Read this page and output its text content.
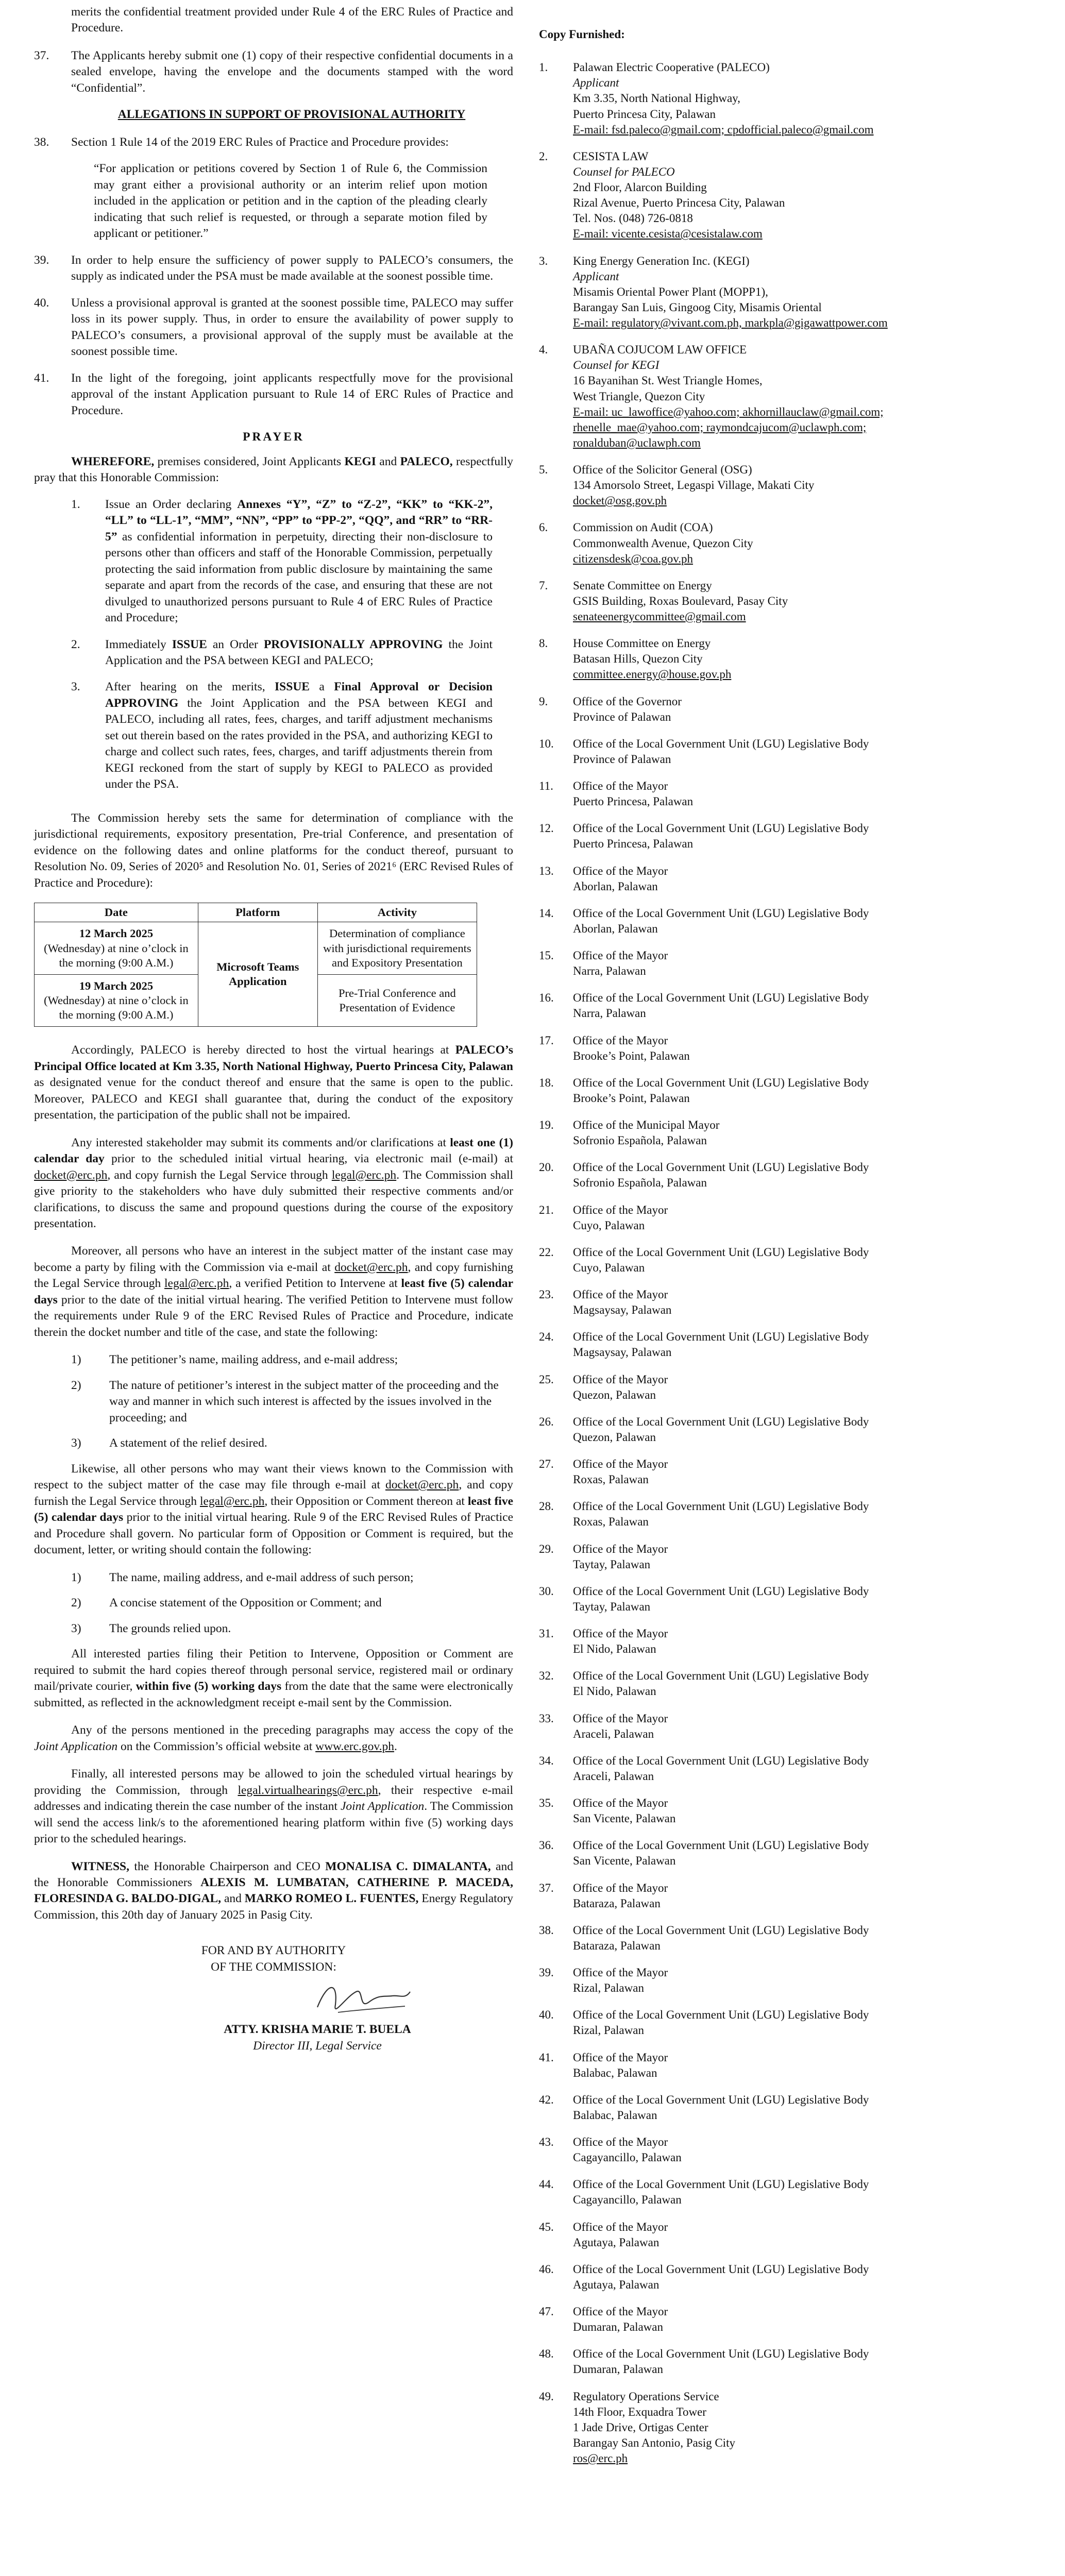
merits the confidential treatment provided under Rule 4 of the ERC Rules of Practice and Procedure.
37.	The Applicants hereby submit one (1) copy of their respective confidential documents in a sealed envelope, having the envelope and the documents stamped with the word “Confidential”.
ALLEGATIONS IN SUPPORT OF PROVISIONAL AUTHORITY
38.	Section 1 Rule 14 of the 2019 ERC Rules of Practice and Procedure provides:
“For application or petitions covered by Section 1 of Rule 6, the Commission may grant either a provisional authority or an interim relief upon motion included in the application or petition and in the caption of the pleading clearly indicating that such relief is requested, or through a separate motion filed by applicant or petitioner.”
39.	In order to help ensure the sufficiency of power supply to PALECO’s consumers, the supply as indicated under the PSA must be made available at the soonest possible time.
40.	Unless a provisional approval is granted at the soonest possible time, PALECO may suffer loss in its power supply. Thus, in order to ensure the availability of power supply to PALECO’s consumers, a provisional approval of the supply must be available at the soonest possible time.
41.	In the light of the foregoing, joint applicants respectfully move for the provisional approval of the instant Application pursuant to Rule 14 of ERC Rules of Practice and Procedure.
PRAYER
WHEREFORE, premises considered, Joint Applicants KEGI and PALECO, respectfully pray that this Honorable Commission:
1.	Issue an Order declaring Annexes “Y”, “Z” to “Z-2”, “KK” to “KK-2”, “LL” to “LL-1”, “MM”, “NN”, “PP” to “PP-2”, “QQ”, and “RR” to “RR-5” as confidential information in perpetuity, directing their non-disclosure to persons other than officers and staff of the Honorable Commission, perpetually protecting the said information from public disclosure by maintaining the same separate and apart from the records of the case, and ensuring that these are not divulged to unauthorized persons pursuant to Rule 4 of ERC Rules of Practice and Procedure;
2.	Immediately ISSUE an Order PROVISIONALLY APPROVING the Joint Application and the PSA between KEGI and PALECO;
3.	After hearing on the merits, ISSUE a Final Approval or Decision APPROVING the Joint Application and the PSA between KEGI and PALECO, including all rates, fees, charges, and tariff adjustment mechanisms set out therein based on the rates provided in the PSA, and authorizing KEGI to charge and collect such rates, fees, charges, and tariff adjustments therein from KEGI reckoned from the start of supply by KEGI to PALECO as provided under the PSA.
The Commission hereby sets the same for determination of compliance with the jurisdictional requirements, expository presentation, Pre-trial Conference, and presentation of evidence on the following dates and online platforms for the conduct thereof, pursuant to Resolution No. 09, Series of 2020⁵ and Resolution No. 01, Series of 2021⁶ (ERC Revised Rules of Practice and Procedure):
Date	Platform	Activity
12 March 2025
(Wednesday) at nine o’clock in the morning (9:00 A.M.)	Microsoft Teams Application	Determination of compliance with jurisdictional requirements and Expository Presentation
19 March 2025
(Wednesday) at nine o’clock in the morning (9:00 A.M.)		Pre-Trial Conference and Presentation of Evidence
Accordingly, PALECO is hereby directed to host the virtual hearings at PALECO’s Principal Office located at Km 3.35, North National Highway, Puerto Princesa City, Palawan as designated venue for the conduct thereof and ensure that the same is open to the public. Moreover, PALECO and KEGI shall guarantee that, during the conduct of the expository presentation, the participation of the public shall not be impaired.
Any interested stakeholder may submit its comments and/or clarifications at least one (1) calendar day prior to the scheduled initial virtual hearing, via electronic mail (e-mail) at docket@erc.ph, and copy furnish the Legal Service through legal@erc.ph. The Commission shall give priority to the stakeholders who have duly submitted their respective comments and/or clarifications, to discuss the same and propound questions during the course of the expository presentation.
Moreover, all persons who have an interest in the subject matter of the instant case may become a party by filing with the Commission via e-mail at docket@erc.ph, and copy furnishing the Legal Service through legal@erc.ph, a verified Petition to Intervene at least five (5) calendar days prior to the date of the initial virtual hearing. The verified Petition to Intervene must follow the requirements under Rule 9 of the ERC Revised Rules of Practice and Procedure, indicate therein the docket number and title of the case, and state the following:
1)	The petitioner’s name, mailing address, and e-mail address;
2)	The nature of petitioner’s interest in the subject matter of the proceeding and the way and manner in which such interest is affected by the issues involved in the proceeding; and
3)	A statement of the relief desired.
Likewise, all other persons who may want their views known to the Commission with respect to the subject matter of the case may file through e-mail at docket@erc.ph, and copy furnish the Legal Service through legal@erc.ph, their Opposition or Comment thereon at least five (5) calendar days prior to the initial virtual hearing. Rule 9 of the ERC Revised Rules of Practice and Procedure shall govern. No particular form of Opposition or Comment is required, but the document, letter, or writing should contain the following:
1)	The name, mailing address, and e-mail address of such person;
2)	A concise statement of the Opposition or Comment; and
3)	The grounds relied upon.
All interested parties filing their Petition to Intervene, Opposition or Comment are required to submit the hard copies thereof through personal service, registered mail or ordinary mail/private courier, within five (5) working days from the date that the same were electronically submitted, as reflected in the acknowledgment receipt e-mail sent by the Commission.
Any of the persons mentioned in the preceding paragraphs may access the copy of the Joint Application on the Commission’s official website at www.erc.gov.ph.
Finally, all interested persons may be allowed to join the scheduled virtual hearings by providing the Commission, through legal.virtualhearings@erc.ph, their respective e-mail addresses and indicating therein the case number of the instant Joint Application. The Commission will send the access link/s to the aforementioned hearing platform within five (5) working days prior to the scheduled hearings.
WITNESS, the Honorable Chairperson and CEO MONALISA C. DIMALANTA, and the Honorable Commissioners ALEXIS M. LUMBATAN, CATHERINE P. MACEDA, FLORESINDA G. BALDO-DIGAL, and MARKO ROMEO L. FUENTES, Energy Regulatory Commission, this 20th day of January 2025 in Pasig City.
FOR AND BY AUTHORITY
OF THE COMMISSION:
ATTY. KRISHA MARIE T. BUELA
Director III, Legal Service
Copy Furnished:
1.	Palawan Electric Cooperative (PALECO)
Applicant
Km 3.35, North National Highway,
Puerto Princesa City, Palawan
E-mail: fsd.paleco@gmail.com; cpdofficial.paleco@gmail.com
2.	CESISTA LAW
Counsel for PALECO
2nd Floor, Alarcon Building
Rizal Avenue, Puerto Princesa City, Palawan
Tel. Nos. (048) 726-0818
E-mail: vicente.cesista@cesistalaw.com
3.	King Energy Generation Inc. (KEGI)
Applicant
Misamis Oriental Power Plant (MOPP1),
Barangay San Luis, Gingoog City, Misamis Oriental
E-mail: regulatory@vivant.com.ph, markpla@gigawattpower.com
4.	UBAÑA COJUCOM LAW OFFICE
Counsel for KEGI
16 Bayanihan St. West Triangle Homes,
West Triangle, Quezon City
E-mail: uc_lawoffice@yahoo.com; akhornillauclaw@gmail.com;
rhenelle_mae@yahoo.com; raymondcajucom@uclawph.com;
ronalduban@uclawph.com
5.	Office of the Solicitor General (OSG)
134 Amorsolo Street, Legaspi Village, Makati City
docket@osg.gov.ph
6.	Commission on Audit (COA)
Commonwealth Avenue, Quezon City
citizensdesk@coa.gov.ph
7.	Senate Committee on Energy
GSIS Building, Roxas Boulevard, Pasay City
senateenergycommittee@gmail.com
8.	House Committee on Energy
Batasan Hills, Quezon City
committee.energy@house.gov.ph
9.	Office of the Governor
Province of Palawan
10.	Office of the Local Government Unit (LGU) Legislative Body
Province of Palawan
11.	Office of the Mayor
Puerto Princesa, Palawan
12.	Office of the Local Government Unit (LGU) Legislative Body
Puerto Princesa, Palawan
13.	Office of the Mayor
Aborlan, Palawan
14.	Office of the Local Government Unit (LGU) Legislative Body
Aborlan, Palawan
15.	Office of the Mayor
Narra, Palawan
16.	Office of the Local Government Unit (LGU) Legislative Body
Narra, Palawan
17.	Office of the Mayor
Brooke’s Point, Palawan
18.	Office of the Local Government Unit (LGU) Legislative Body
Brooke’s Point, Palawan
19.	Office of the Municipal Mayor
Sofronio Española, Palawan
20.	Office of the Local Government Unit (LGU) Legislative Body
Sofronio Española, Palawan
21.	Office of the Mayor
Cuyo, Palawan
22.	Office of the Local Government Unit (LGU) Legislative Body
Cuyo, Palawan
23.	Office of the Mayor
Magsaysay, Palawan
24.	Office of the Local Government Unit (LGU) Legislative Body
Magsaysay, Palawan
25.	Office of the Mayor
Quezon, Palawan
26.	Office of the Local Government Unit (LGU) Legislative Body
Quezon, Palawan
27.	Office of the Mayor
Roxas, Palawan
28.	Office of the Local Government Unit (LGU) Legislative Body
Roxas, Palawan
29.	Office of the Mayor
Taytay, Palawan
30.	Office of the Local Government Unit (LGU) Legislative Body
Taytay, Palawan
31.	Office of the Mayor
El Nido, Palawan
32.	Office of the Local Government Unit (LGU) Legislative Body
El Nido, Palawan
33.	Office of the Mayor
Araceli, Palawan
34.	Office of the Local Government Unit (LGU) Legislative Body
Araceli, Palawan
35.	Office of the Mayor
San Vicente, Palawan
36.	Office of the Local Government Unit (LGU) Legislative Body
San Vicente, Palawan
37.	Office of the Mayor
Bataraza, Palawan
38.	Office of the Local Government Unit (LGU) Legislative Body
Bataraza, Palawan
39.	Office of the Mayor
Rizal, Palawan
40.	Office of the Local Government Unit (LGU) Legislative Body
Rizal, Palawan
41.	Office of the Mayor
Balabac, Palawan
42.	Office of the Local Government Unit (LGU) Legislative Body
Balabac, Palawan
43.	Office of the Mayor
Cagayancillo, Palawan
44.	Office of the Local Government Unit (LGU) Legislative Body
Cagayancillo, Palawan
45.	Office of the Mayor
Agutaya, Palawan
46.	Office of the Local Government Unit (LGU) Legislative Body
Agutaya, Palawan
47.	Office of the Mayor
Dumaran, Palawan
48.	Office of the Local Government Unit (LGU) Legislative Body
Dumaran, Palawan
49.	Regulatory Operations Service
14th Floor, Exquadra Tower
1 Jade Drive, Ortigas Center
Barangay San Antonio, Pasig City
ros@erc.ph
